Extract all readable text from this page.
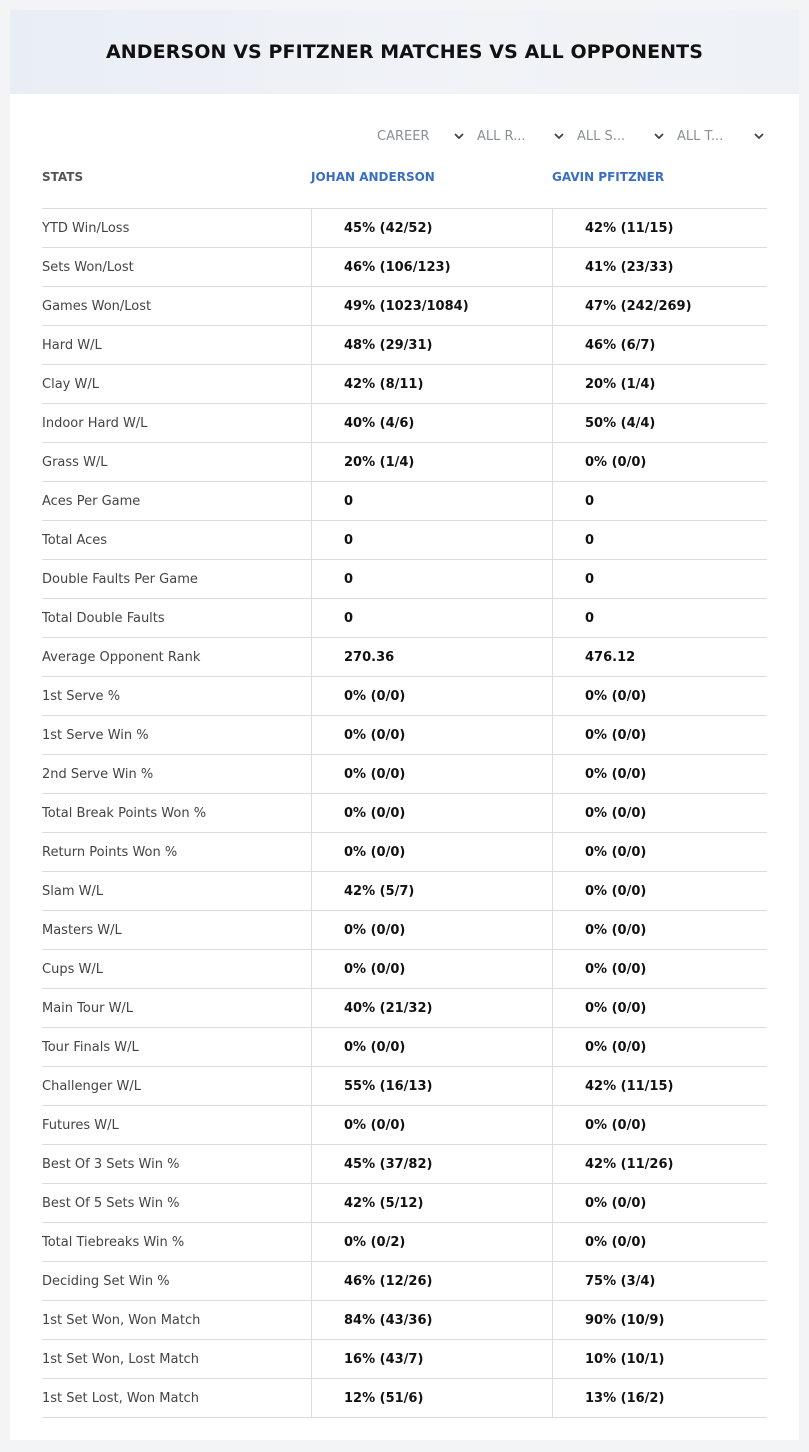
ANDERSON VS PFITZNER MATCHES VS ALL OPPONENTS
CAREER	ALL R...	ALL S...	ALL T...
STATS	JOHAN ANDERSON	GAVIN PFITZNER
YTD Win/Loss	45% (42/52)	42% (11/15)
Sets Won/Lost	46% (106/123)	41% (23/33)
Games Won/Lost	49% (1023/1084)	47% (242/269)
Hard W/L	48% (29/31)	46% (6/7)
Clay W/L	42% (8/11)	20% (1/4)
Indoor Hard W/L	40% (4/6)	50% (4/4)
Grass W/L	20% (1/4)	0% (0/0)
Aces Per Game	0	0
Total Aces	0	0
Double Faults Per Game	0	0
Total Double Faults	0	0
Average Opponent Rank	270.36	476.12
1st Serve %	0% (0/0)	0% (0/0)
1st Serve Win %	0% (0/0)	0% (0/0)
2nd Serve Win %	0% (0/0)	0% (0/0)
Total Break Points Won %	0% (0/0)	0% (0/0)
Return Points Won %	0% (0/0)	0% (0/0)
Slam W/L	42% (5/7)	0% (0/0)
Masters W/L	0% (0/0)	0% (0/0)
Cups W/L	0% (0/0)	0% (0/0)
Main Tour W/L	40% (21/32)	0% (0/0)
Tour Finals W/L	0% (0/0)	0% (0/0)
Challenger W/L	55% (16/13)	42% (11/15)
Futures W/L	0% (0/0)	0% (0/0)
Best Of 3 Sets Win %	45% (37/82)	42% (11/26)
Best Of 5 Sets Win %	42% (5/12)	0% (0/0)
Total Tiebreaks Win %	0% (0/2)	0% (0/0)
Deciding Set Win %	46% (12/26)	75% (3/4)
1st Set Won, Won Match	84% (43/36)	90% (10/9)
1st Set Won, Lost Match	16% (43/7)	10% (10/1)
1st Set Lost, Won Match	12% (51/6)	13% (16/2)
